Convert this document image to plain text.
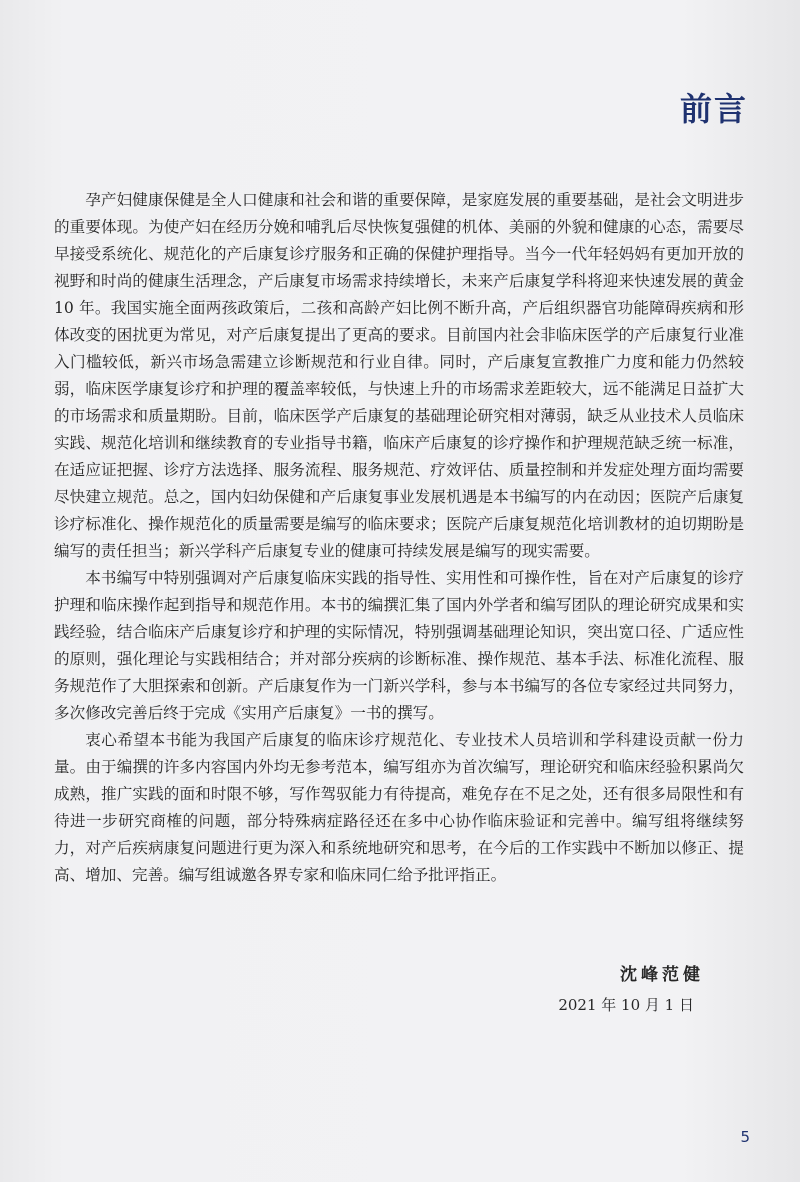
前言

孕产妇健康保健是全人口健康和社会和谐的重要保障，是家庭发展的重要基础，是社会文明进步的重要体现。为使产妇在经历分娩和哺乳后尽快恢复强健的机体、美丽的外貌和健康的心态，需要尽早接受系统化、规范化的产后康复诊疗服务和正确的保健护理指导。当今一代年轻妈妈有更加开放的视野和时尚的健康生活理念，产后康复市场需求持续增长，未来产后康复学科将迎来快速发展的黄金 10 年。我国实施全面两孩政策后，二孩和高龄产妇比例不断升高，产后组织器官功能障碍疾病和形体改变的困扰更为常见，对产后康复提出了更高的要求。目前国内社会非临床医学的产后康复行业准入门槛较低，新兴市场急需建立诊断规范和行业自律。同时，产后康复宣教推广力度和能力仍然较弱，临床医学康复诊疗和护理的覆盖率较低，与快速上升的市场需求差距较大，远不能满足日益扩大的市场需求和质量期盼。目前，临床医学产后康复的基础理论研究相对薄弱，缺乏从业技术人员临床实践、规范化培训和继续教育的专业指导书籍，临床产后康复的诊疗操作和护理规范缺乏统一标准，在适应证把握、诊疗方法选择、服务流程、服务规范、疗效评估、质量控制和并发症处理方面均需要尽快建立规范。总之，国内妇幼保健和产后康复事业发展机遇是本书编写的内在动因；医院产后康复诊疗标准化、操作规范化的质量需要是编写的临床要求；医院产后康复规范化培训教材的迫切期盼是编写的责任担当；新兴学科产后康复专业的健康可持续发展是编写的现实需要。

本书编写中特别强调对产后康复临床实践的指导性、实用性和可操作性，旨在对产后康复的诊疗护理和临床操作起到指导和规范作用。本书的编撰汇集了国内外学者和编写团队的理论研究成果和实践经验，结合临床产后康复诊疗和护理的实际情况，特别强调基础理论知识，突出宽口径、广适应性的原则，强化理论与实践相结合；并对部分疾病的诊断标准、操作规范、基本手法、标准化流程、服务规范作了大胆探索和创新。产后康复作为一门新兴学科，参与本书编写的各位专家经过共同努力，多次修改完善后终于完成《实用产后康复》一书的撰写。

衷心希望本书能为我国产后康复的临床诊疗规范化、专业技术人员培训和学科建设贡献一份力量。由于编撰的许多内容国内外均无参考范本，编写组亦为首次编写，理论研究和临床经验积累尚欠成熟，推广实践的面和时限不够，写作驾驭能力有待提高，难免存在不足之处，还有很多局限性和有待进一步研究商榷的问题，部分特殊病症路径还在多中心协作临床验证和完善中。编写组将继续努力，对产后疾病康复问题进行更为深入和系统地研究和思考，在今后的工作实践中不断加以修正、提高、增加、完善。编写组诚邀各界专家和临床同仁给予批评指正。

沈峰范健
2021 年 10 月 1 日
5
